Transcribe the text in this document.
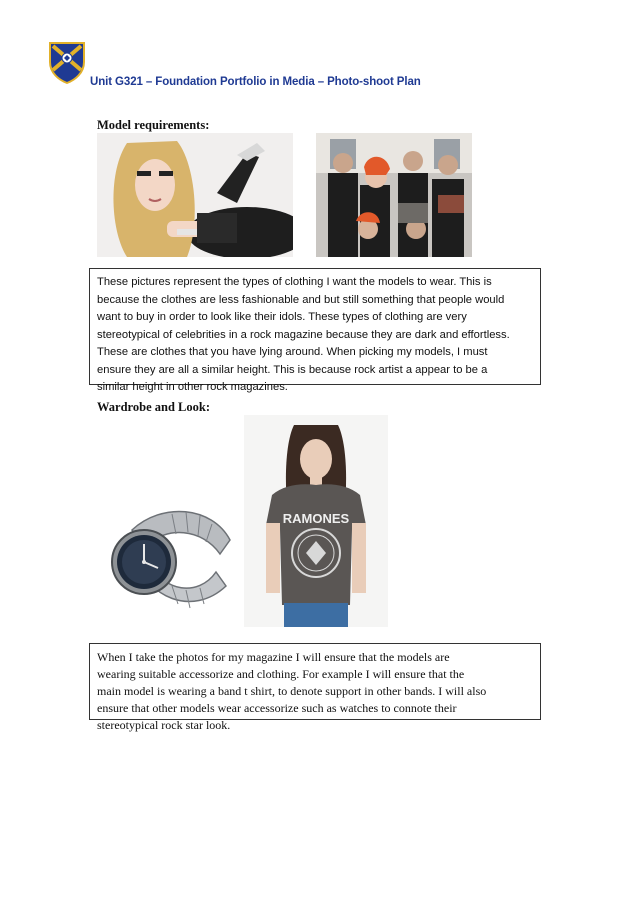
Unit G321 – Foundation Portfolio in Media – Photo-shoot Plan
Model requirements:
These pictures represent the types of clothing I want the models to wear. This is
because the clothes are less fashionable and but still something that people would
want to buy in order to look like their idols. These types of clothing are very
stereotypical of celebrities in a rock magazine because they are dark and effortless.
These are clothes that you have lying around. When picking my models, I must
ensure they are all a similar height. This is because rock artist a appear to be a
similar height in other rock magazines.
Wardrobe and Look:
RAMONES
When I take the photos for my magazine I will ensure that the models are
wearing suitable accessorize and clothing. For example I will ensure that the
main model is wearing a band t shirt, to denote support in other bands. I will also
ensure that other models wear accessorize such as watches to connote their
stereotypical rock star look.
